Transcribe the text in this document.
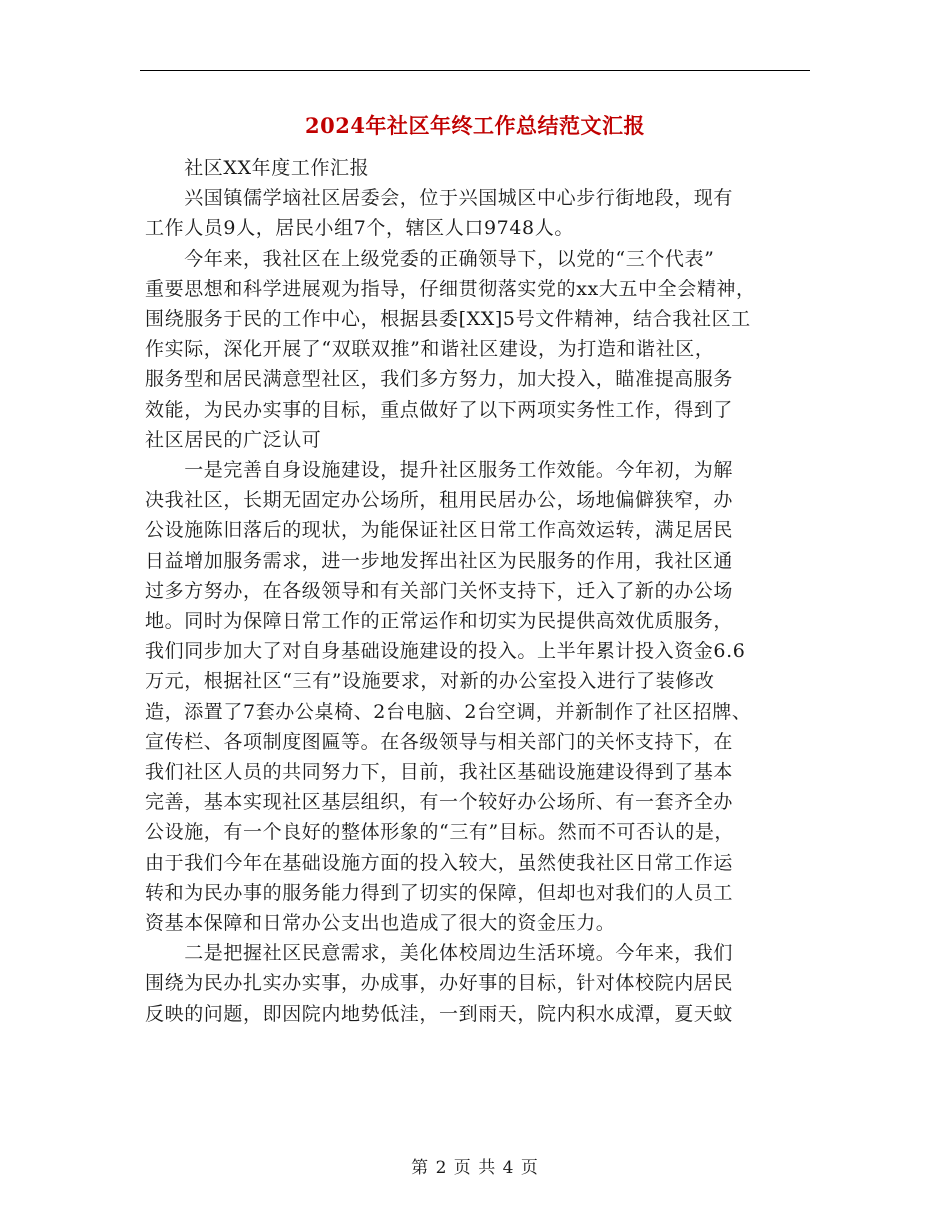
2024年社区年终工作总结范文汇报

　　社区XX年度工作汇报

　　兴国镇儒学垴社区居委会，位于兴国城区中心步行街地段，现有

工作人员9人，居民小组7个，辖区人口9748人。

　　今年来，我社区在上级党委的正确领导下，以党的“三个代表”

重要思想和科学进展观为指导，仔细贯彻落实党的xx大五中全会精神，

围绕服务于民的工作中心，根据县委[XX]5号文件精神，结合我社区工

作实际，深化开展了“双联双推”和谐社区建设，为打造和谐社区，

服务型和居民满意型社区，我们多方努力，加大投入，瞄准提高服务

效能，为民办实事的目标，重点做好了以下两项实务性工作，得到了

社区居民的广泛认可

　　一是完善自身设施建设，提升社区服务工作效能。今年初，为解

决我社区，长期无固定办公场所，租用民居办公，场地偏僻狭窄，办

公设施陈旧落后的现状，为能保证社区日常工作高效运转，满足居民

日益增加服务需求，进一步地发挥出社区为民服务的作用，我社区通

过多方努办，在各级领导和有关部门关怀支持下，迁入了新的办公场

地。同时为保障日常工作的正常运作和切实为民提供高效优质服务，

我们同步加大了对自身基础设施建设的投入。上半年累计投入资金6.6

万元，根据社区“三有”设施要求，对新的办公室投入进行了装修改

造，添置了7套办公桌椅、2台电脑、2台空调，并新制作了社区招牌、

宣传栏、各项制度图匾等。在各级领导与相关部门的关怀支持下，在

我们社区人员的共同努力下，目前，我社区基础设施建设得到了基本

完善，基本实现社区基层组织，有一个较好办公场所、有一套齐全办

公设施，有一个良好的整体形象的“三有”目标。然而不可否认的是，

由于我们今年在基础设施方面的投入较大，虽然使我社区日常工作运

转和为民办事的服务能力得到了切实的保障，但却也对我们的人员工

资基本保障和日常办公支出也造成了很大的资金压力。

　　二是把握社区民意需求，美化体校周边生活环境。今年来，我们

围绕为民办扎实办实事，办成事，办好事的目标，针对体校院内居民

反映的问题，即因院内地势低洼，一到雨天，院内积水成潭，夏天蚊

第 2 页 共 4 页
